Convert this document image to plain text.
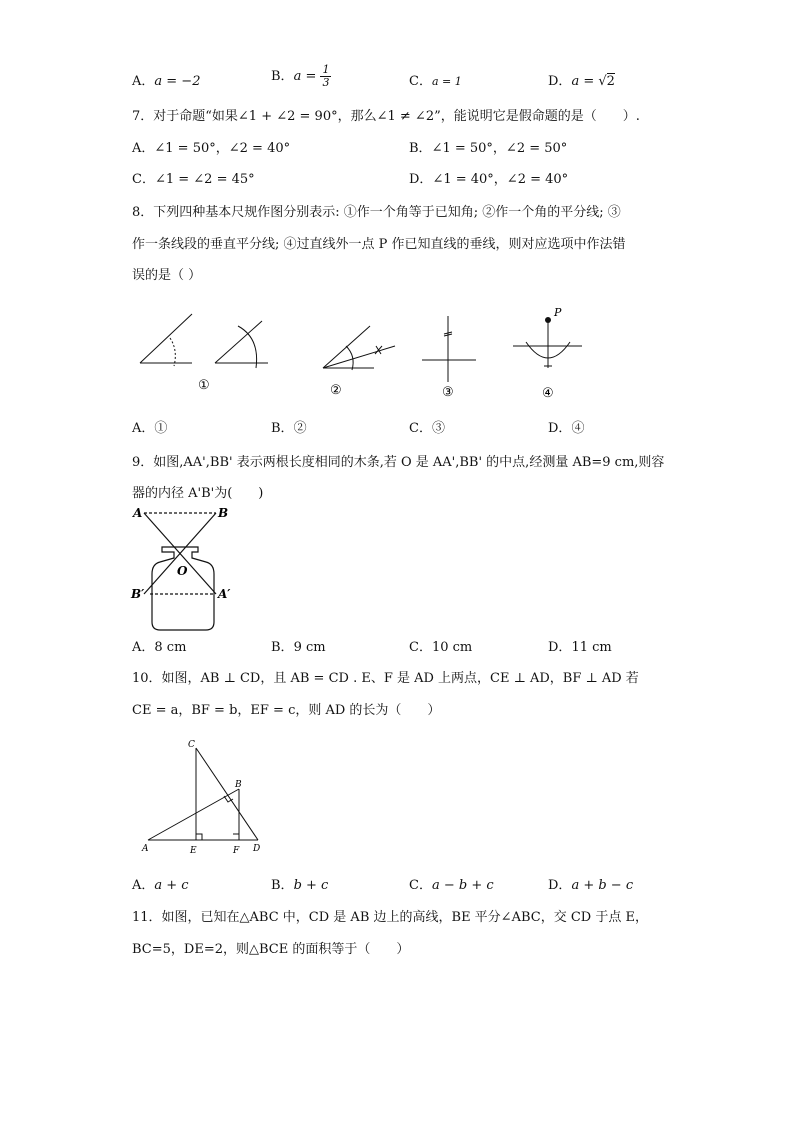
A．a = −2	B．$a = \frac{1}{3}$	C．a = 1	D．a = √2
7．对于命题“如果∠1 + ∠2 = 90°，那么∠1 ≠ ∠2”，能说明它是假命题的是（　　）.
A．∠1 = 50°，∠2 = 40°	B．∠1 = 50°，∠2 = 50°
C．∠1 = ∠2 = 45°	D．∠1 = 40°，∠2 = 40°
8．下列四种基本尺规作图分别表示: ①作一个角等于已知角; ②作一个角的平分线; ③
作一条线段的垂直平分线; ④过直线外一点 P 作已知直线的垂线，则对应选项中作法错
误的是（ ）
P
①	②	③	④
A．①	B．②	C．③	D．④
9．如图,AA',BB' 表示两根长度相同的木条,若 O 是 AA',BB' 的中点,经测量 AB=9 cm,则容
器的内径 A'B'为(　　)
A	B
O
B′	A′
A．8 cm	B．9 cm	C．10 cm	D．11 cm
10．如图，AB ⊥ CD，且 AB = CD . E、F 是 AD 上两点，CE ⊥ AD，BF ⊥ AD 若
CE = a，BF = b，EF = c，则 AD 的长为（　　）
C
B
A	E	F D
A．a + c	B．b + c	C．a − b + c	D．a + b − c
11．如图，已知在△ABC 中，CD 是 AB 边上的高线，BE 平分∠ABC，交 CD 于点 E，
BC=5，DE=2，则△BCE 的面积等于（　　）
